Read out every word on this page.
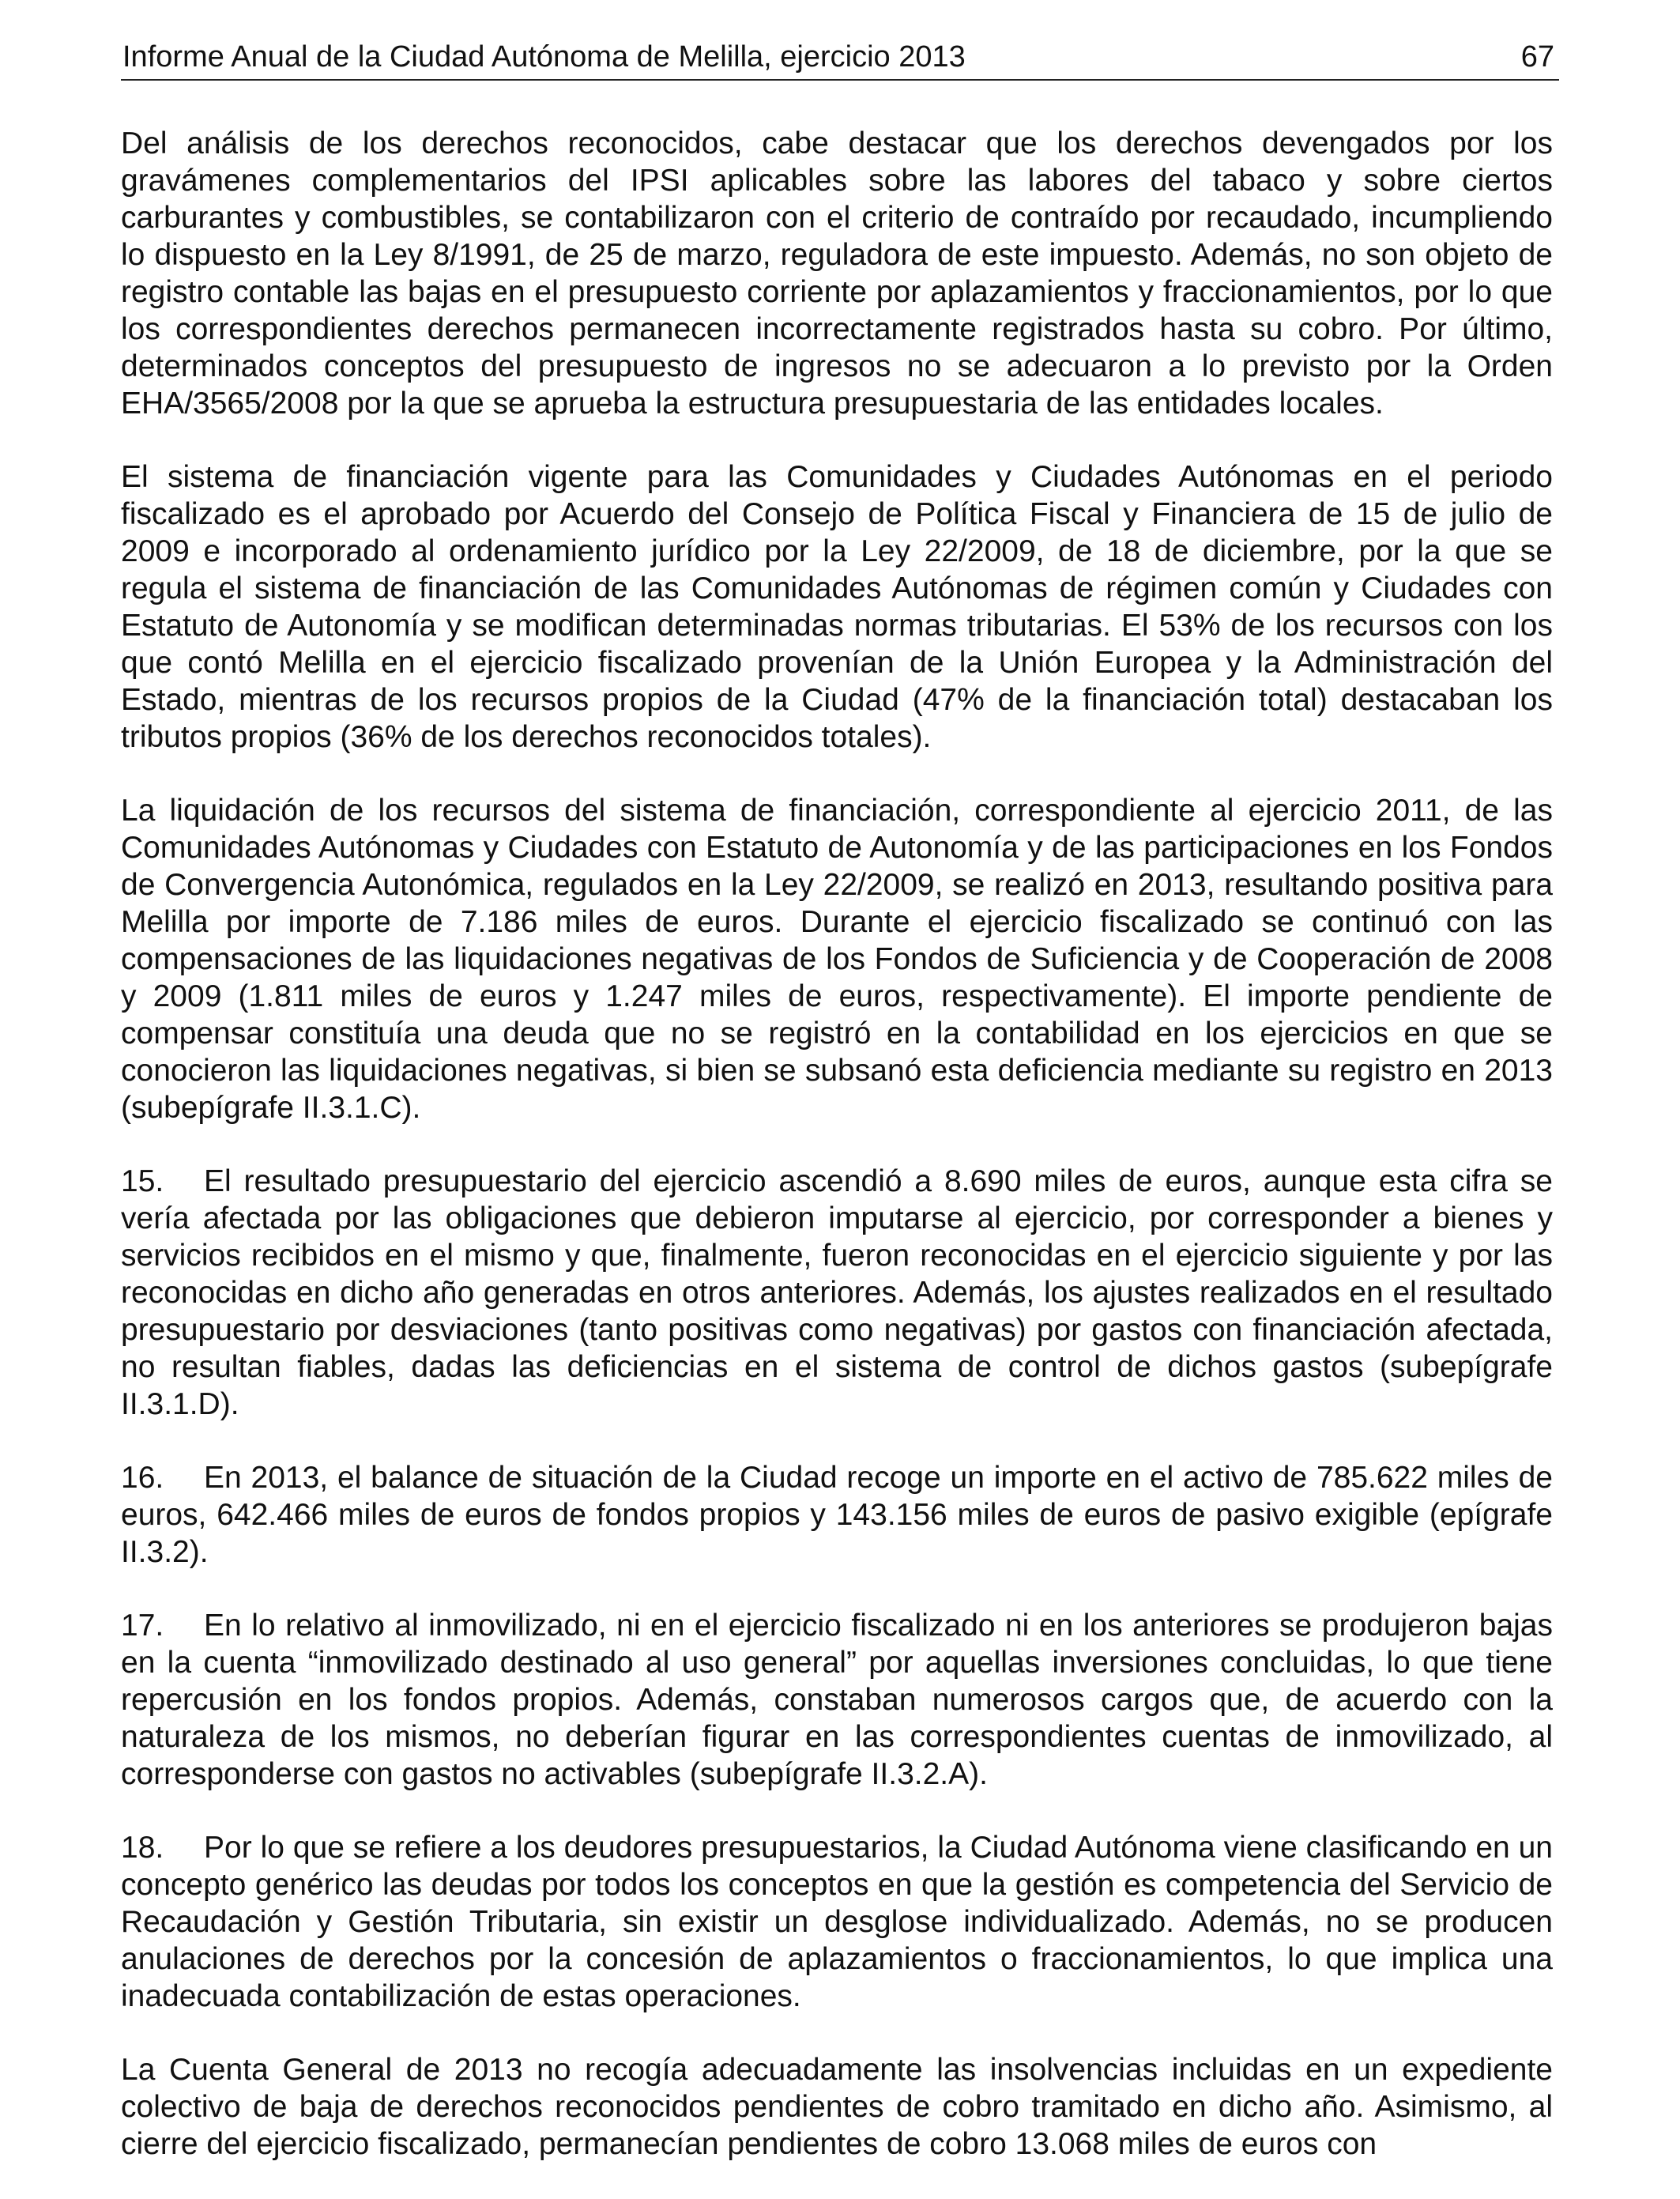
Informe Anual de la Ciudad Autónoma de Melilla, ejercicio 2013	67

Del análisis de los derechos reconocidos, cabe destacar que los derechos devengados por los gravámenes complementarios del IPSI aplicables sobre las labores del tabaco y sobre ciertos carburantes y combustibles, se contabilizaron con el criterio de contraído por recaudado, incumpliendo lo dispuesto en la Ley 8/1991, de 25 de marzo, reguladora de este impuesto. Además, no son objeto de registro contable las bajas en el presupuesto corriente por aplazamientos y fraccionamientos, por lo que los correspondientes derechos permanecen incorrectamente registrados hasta su cobro. Por último, determinados conceptos del presupuesto de ingresos no se adecuaron a lo previsto por la Orden EHA/3565/2008 por la que se aprueba la estructura presupuestaria de las entidades locales.

El sistema de financiación vigente para las Comunidades y Ciudades Autónomas en el periodo fiscalizado es el aprobado por Acuerdo del Consejo de Política Fiscal y Financiera de 15 de julio de 2009 e incorporado al ordenamiento jurídico por la Ley 22/2009, de 18 de diciembre, por la que se regula el sistema de financiación de las Comunidades Autónomas de régimen común y Ciudades con Estatuto de Autonomía y se modifican determinadas normas tributarias. El 53% de los recursos con los que contó Melilla en el ejercicio fiscalizado provenían de la Unión Europea y la Administración del Estado, mientras de los recursos propios de la Ciudad (47% de la financiación total) destacaban los tributos propios (36% de los derechos reconocidos totales).

La liquidación de los recursos del sistema de financiación, correspondiente al ejercicio 2011, de las Comunidades Autónomas y Ciudades con Estatuto de Autonomía y de las participaciones en los Fondos de Convergencia Autonómica, regulados en la Ley 22/2009, se realizó en 2013, resultando positiva para Melilla por importe de 7.186 miles de euros. Durante el ejercicio fiscalizado se continuó con las compensaciones de las liquidaciones negativas de los Fondos de Suficiencia y de Cooperación de 2008 y 2009 (1.811 miles de euros y 1.247 miles de euros, respectivamente). El importe pendiente de compensar constituía una deuda que no se registró en la contabilidad en los ejercicios en que se conocieron las liquidaciones negativas, si bien se subsanó esta deficiencia mediante su registro en 2013 (subepígrafe II.3.1.C).

15. El resultado presupuestario del ejercicio ascendió a 8.690 miles de euros, aunque esta cifra se vería afectada por las obligaciones que debieron imputarse al ejercicio, por corresponder a bienes y servicios recibidos en el mismo y que, finalmente, fueron reconocidas en el ejercicio siguiente y por las reconocidas en dicho año generadas en otros anteriores. Además, los ajustes realizados en el resultado presupuestario por desviaciones (tanto positivas como negativas) por gastos con financiación afectada, no resultan fiables, dadas las deficiencias en el sistema de control de dichos gastos (subepígrafe II.3.1.D).

16. En 2013, el balance de situación de la Ciudad recoge un importe en el activo de 785.622 miles de euros, 642.466 miles de euros de fondos propios y 143.156 miles de euros de pasivo exigible (epígrafe II.3.2).

17. En lo relativo al inmovilizado, ni en el ejercicio fiscalizado ni en los anteriores se produjeron bajas en la cuenta “inmovilizado destinado al uso general” por aquellas inversiones concluidas, lo que tiene repercusión en los fondos propios. Además, constaban numerosos cargos que, de acuerdo con la naturaleza de los mismos, no deberían figurar en las correspondientes cuentas de inmovilizado, al corresponderse con gastos no activables (subepígrafe II.3.2.A).

18. Por lo que se refiere a los deudores presupuestarios, la Ciudad Autónoma viene clasificando en un concepto genérico las deudas por todos los conceptos en que la gestión es competencia del Servicio de Recaudación y Gestión Tributaria, sin existir un desglose individualizado. Además, no se producen anulaciones de derechos por la concesión de aplazamientos o fraccionamientos, lo que implica una inadecuada contabilización de estas operaciones.

La Cuenta General de 2013 no recogía adecuadamente las insolvencias incluidas en un expediente colectivo de baja de derechos reconocidos pendientes de cobro tramitado en dicho año. Asimismo, al cierre del ejercicio fiscalizado, permanecían pendientes de cobro 13.068 miles de euros con
